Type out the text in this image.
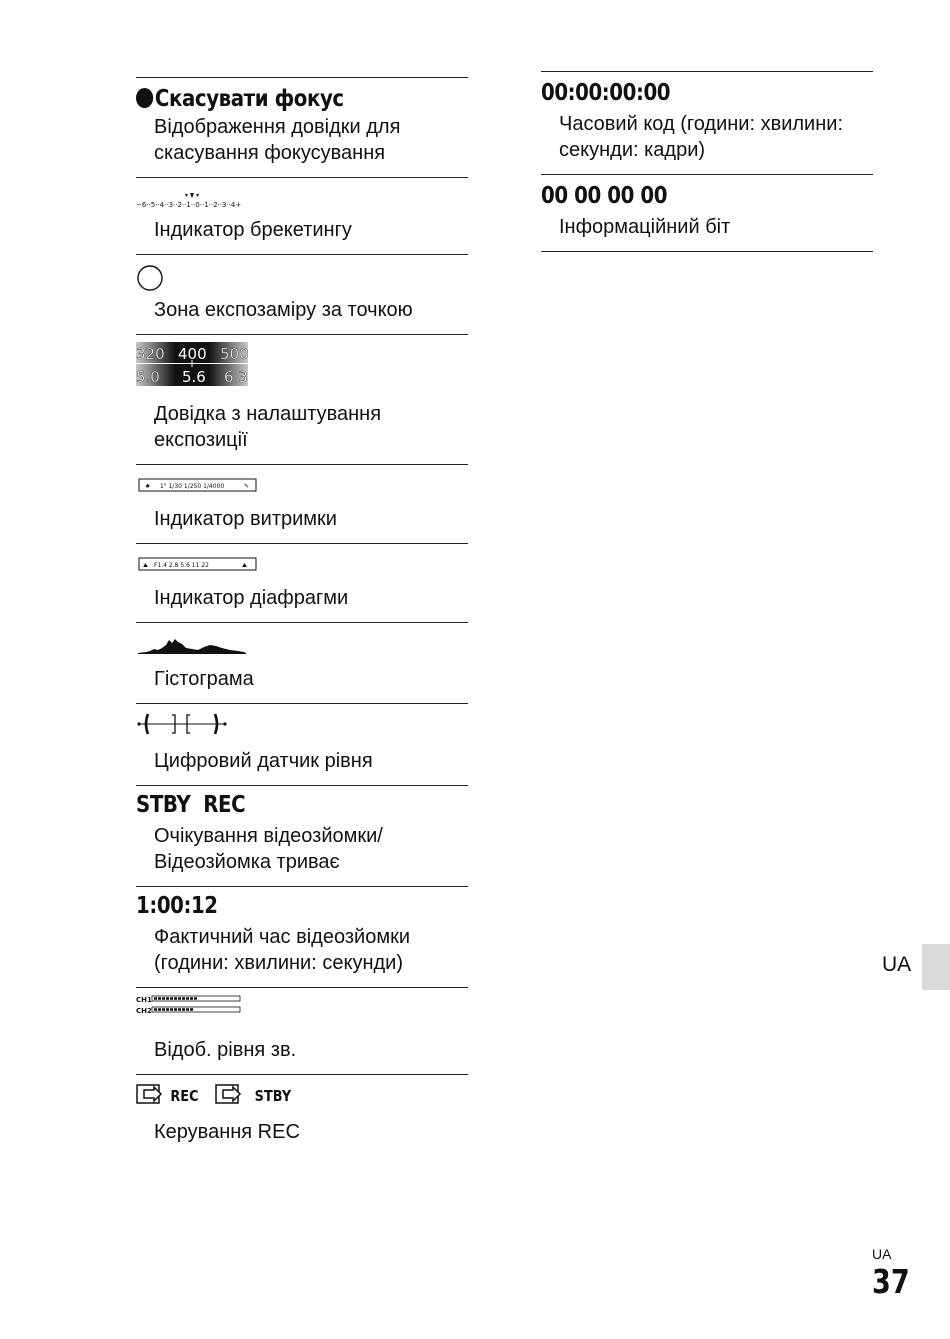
Скасувати фокус
Відображення довідки для скасування фокусування
−6··5··4··3··2··1··0··1··2··3··4+
Індикатор брекетингу
Зона експозаміру за точкою
320 400 500
5.0 5.6 6.3
Довідка з налаштування експозиції
♠ 1" 1/30 1/250 1/4000	✎
Індикатор витримки
⛰ F1.4 2.8 5.6 11 22	⛰
Індикатор діафрагми
Гістограма
Цифровий датчик рівня
STBY  REC
Очікування відеозйомки/ Відеозйомка триває
1:00:12
Фактичний час відеозйомки (години: хвилини: секунди)
CH1
CH2
Відоб. рівня зв.
REC	STBY
Керування REC
00:00:00:00
Часовий код (години: хвилини: секунди: кадри)
00 00 00 00
Інформаційний біт
UA
UA
37
